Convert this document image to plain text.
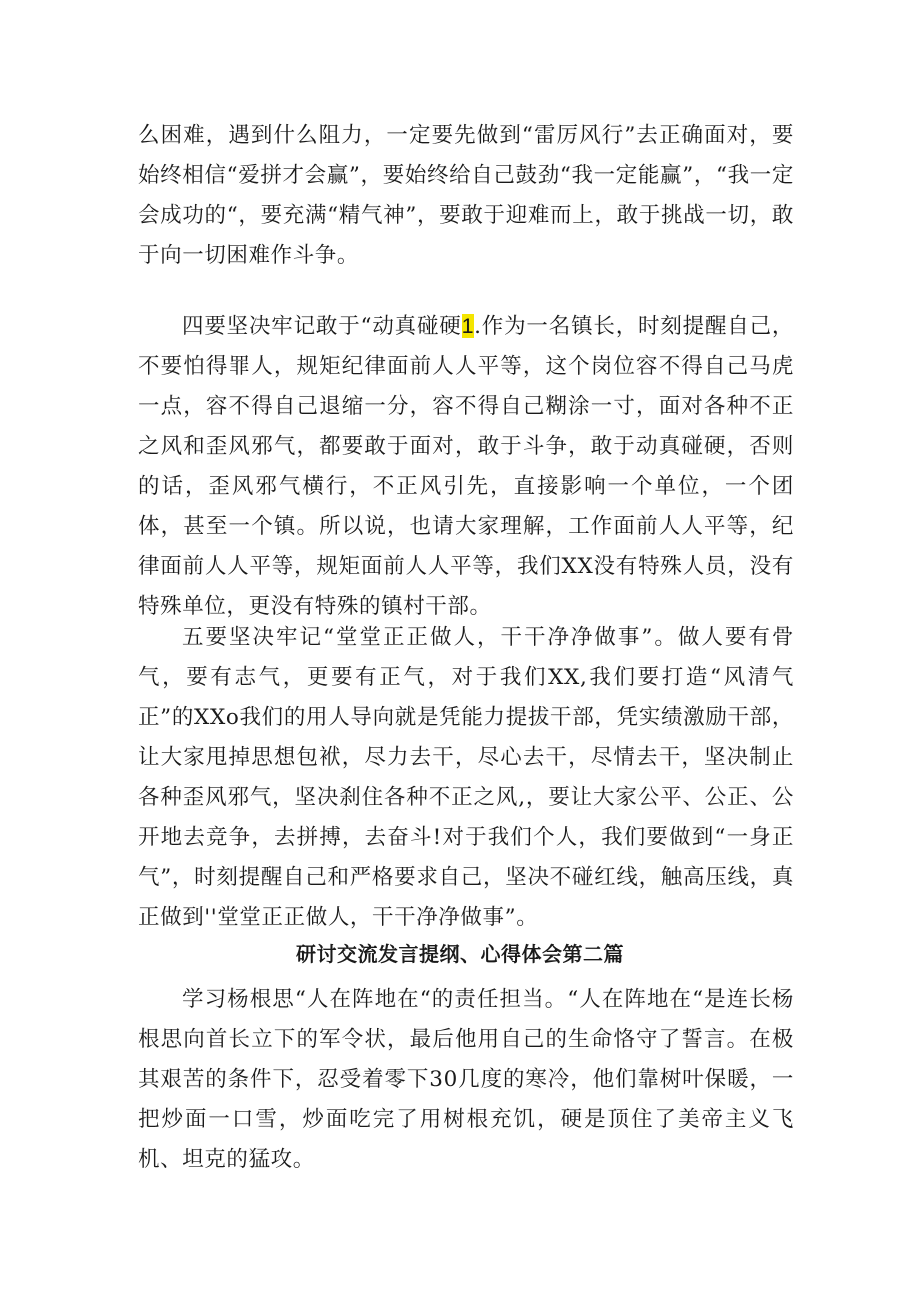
么困难，遇到什么阻力，一定要先做到“雷厉风行”去正确面对，要始终相信“爱拼才会赢”，要始终给自己鼓劲“我一定能赢”，“我一定会成功的“，要充满“精气神”，要敢于迎难而上，敢于挑战一切，敢于向一切困难作斗争。

四要坚决牢记敢于“动真碰硬1.作为一名镇长，时刻提醒自己，不要怕得罪人，规矩纪律面前人人平等，这个岗位容不得自己马虎一点，容不得自己退缩一分，容不得自己糊涂一寸，面对各种不正之风和歪风邪气，都要敢于面对，敢于斗争，敢于动真碰硬，否则的话，歪风邪气横行，不正风引先，直接影响一个单位，一个团体，甚至一个镇。所以说，也请大家理解，工作面前人人平等，纪律面前人人平等，规矩面前人人平等，我们XX没有特殊人员，没有特殊单位，更没有特殊的镇村干部。

五要坚决牢记“堂堂正正做人，干干净净做事”。做人要有骨气，要有志气，更要有正气，对于我们XX,我们要打造“风清气正”的XXo我们的用人导向就是凭能力提拔干部，凭实绩激励干部，让大家甩掉思想包袱，尽力去干，尽心去干，尽情去干，坚决制止各种歪风邪气，坚决刹住各种不正之风,，要让大家公平、公正、公开地去竞争，去拼搏，去奋斗!对于我们个人，我们要做到“一身正气”，时刻提醒自己和严格要求自己，坚决不碰红线，触高压线，真正做到''堂堂正正做人，干干净净做事”。

研讨交流发言提纲、心得体会第二篇

学习杨根思“人在阵地在“的责任担当。“人在阵地在“是连长杨根思向首长立下的军令状，最后他用自己的生命恪守了誓言。在极其艰苦的条件下，忍受着零下30几度的寒冷，他们靠树叶保暖，一把炒面一口雪，炒面吃完了用树根充饥，硬是顶住了美帝主义飞机、坦克的猛攻。
